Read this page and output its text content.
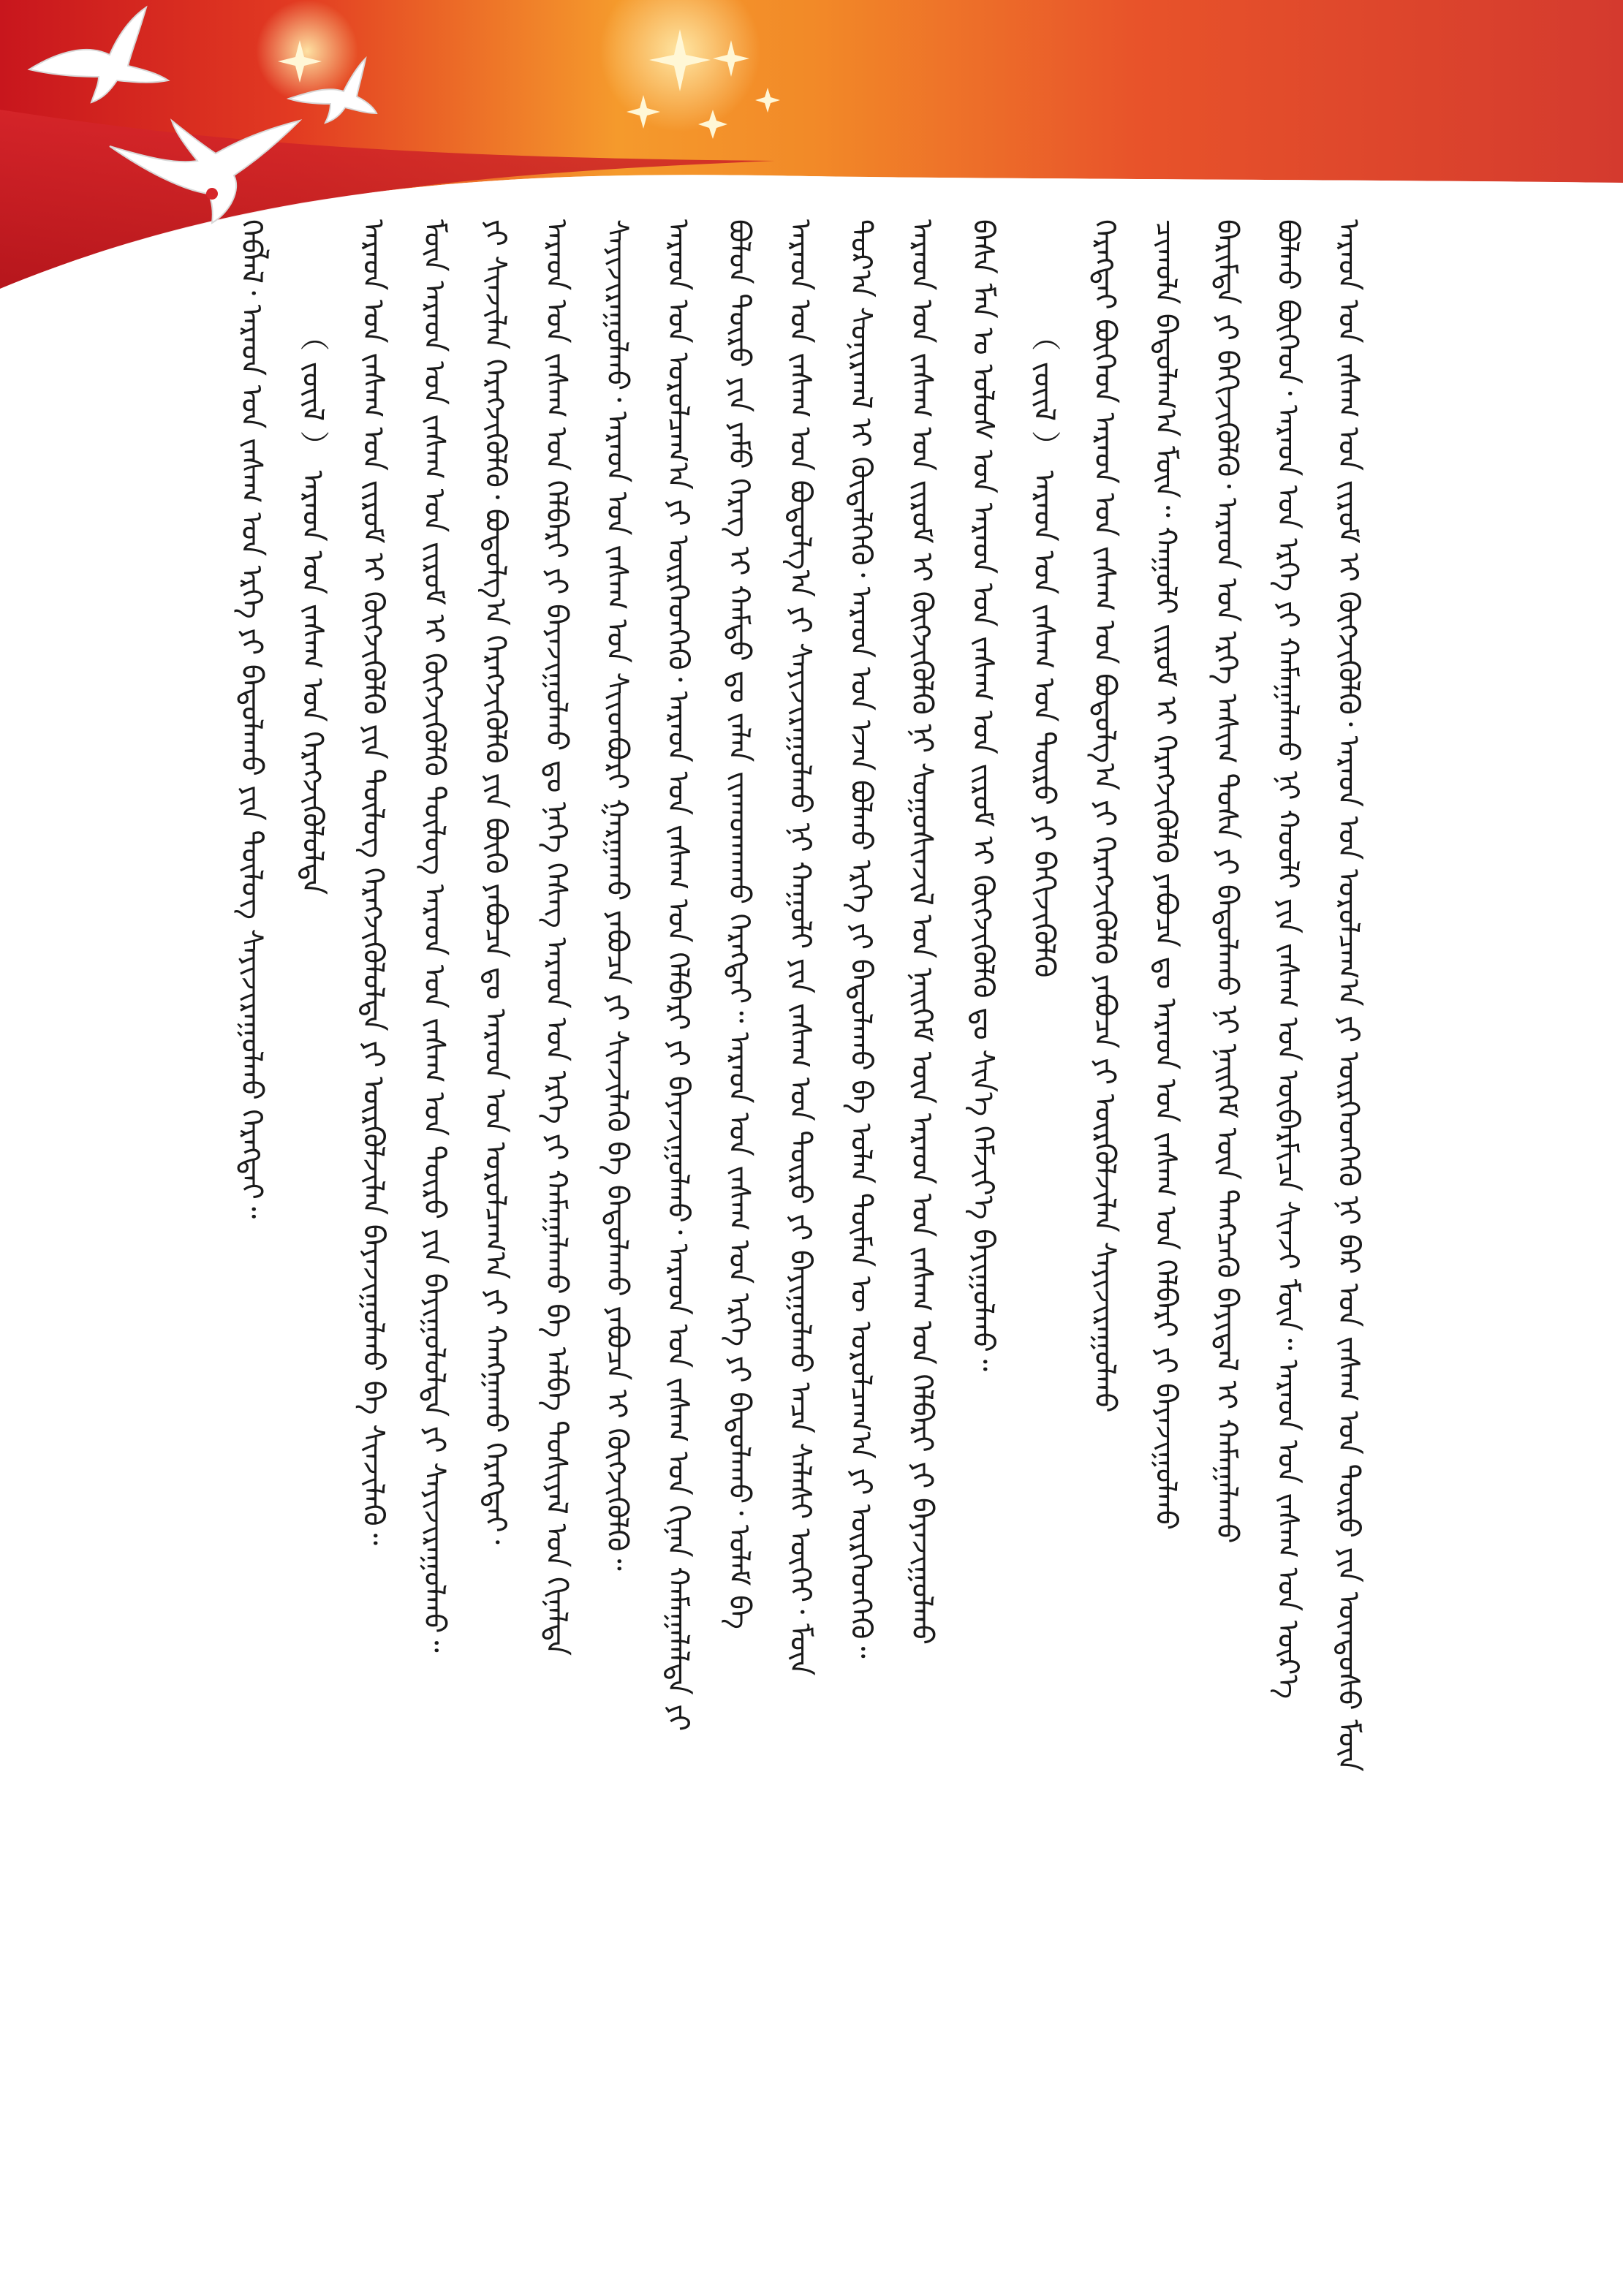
ᠠᠷᠠᠳ ᠤᠨ ᠵᠠᠰᠠᠭ ᠤᠨ ᠵᠢᠷᠤᠮ ᠢ ᠬᠥᠭᠵᠢᠭᠦᠯᠬᠦ᠂ ᠠᠷᠠᠳ ᠤᠨ ᠣᠷᠤᠯᠴᠠᠭ᠎ᠠ ᠶᠢ ᠥᠷᠭᠡᠳᠬᠡᠬᠦ ᠨᠢ ᠪᠠᠷ ᠤᠨ ᠵᠠᠰᠠᠭ ᠤᠨ ᠲᠥᠷᠦ ᠶᠢᠨ ᠦᠨᠳᠦᠰᠦ ᠮᠥᠨ
ᠪᠣᠯᠬᠤ ᠪᠥᠭᠡᠳ᠂ ᠠᠷᠠᠳ ᠤᠨ ᠡᠷᠬᠡ ᠶᠢ ᠬᠠᠮᠠᠭᠠᠯᠠᠬᠤ ᠨᠢ ᠬᠤᠤᠯᠢ ᠶᠢᠨ ᠵᠠᠰᠠᠭ ᠤᠨ ᠥᠪᠡᠷᠮᠢᠴᠡ ᠰᠢᠨᠵᠢ ᠮᠥᠨ᠃ ᠠᠷᠠᠳ ᠤᠨ ᠵᠠᠰᠠᠭ ᠤᠨ ᠦᠷ᠎ᠡ
ᠪᠠᠷᠢᠮᠲᠠ ᠶᠢ ᠪᠡᠬᠢᠵᠢᠭᠦᠯᠬᠦ᠂ ᠠᠷᠠᠳ ᠤᠨ ᠡᠷᠬᠡ ᠠᠰᠢᠭ ᠲᠤᠰᠠ ᠶᠢ ᠪᠠᠲᠤᠯᠠᠬᠤ ᠨᠢ ᠨᠡᠢᠭᠡᠮ ᠦᠨ ᠲᠡᠩᠴᠡᠭᠦ ᠪᠠᠶᠢᠳᠠᠯ ᠢ ᠬᠠᠮᠠᠭᠠᠯᠠᠬᠤ
ᠴᠢᠬᠤᠯᠠ ᠪᠠᠲᠤᠯᠠᠭ᠎ᠠ ᠮᠥᠨ᠃ ᠬᠠᠭᠤᠯᠢ ᠵᠢᠷᠤᠮ ᠢ ᠬᠡᠷᠡᠭᠵᠢᠭᠦᠯᠬᠦ ᠶᠠᠪᠤᠴᠠ ᠳᠤ ᠠᠷᠠᠳ ᠤᠨ ᠵᠠᠰᠠᠭ ᠤᠨ ᠬᠡᠯᠪᠡᠷᠢ ᠶᠢ ᠪᠠᠶᠠᠵᠢᠭᠤᠯᠬᠤ
ᠬᠡᠷᠡᠭᠲᠡᠢ ᠪᠥᠭᠡᠳ ᠠᠷᠠᠳ ᠤᠨ ᠵᠠᠰᠠᠭ ᠤᠨ ᠪᠣᠳᠤᠯᠭ᠎ᠠ ᠶᠢ ᠬᠡᠷᠡᠭᠵᠢᠭᠦᠯᠬᠦ ᠶᠠᠪᠤᠴᠠ ᠶᠢ ᠦᠷᠭᠦᠯᠵᠢᠯᠡᠨ ᠰᠠᠶᠢᠵᠢᠷᠠᠭᠤᠯᠬᠤ
（ ᠵᠦᠢᠯ ） ᠠᠷᠠᠳ ᠤᠨ ᠵᠠᠰᠠᠭ ᠤᠨ ᠲᠥᠷᠦ ᠶᠢ ᠪᠡᠬᠢᠵᠢᠭᠦᠯᠬᠦ
ᠪᠠᠰᠠ ᠮᠠᠨ ᠤ ᠤᠯᠤᠰ ᠤᠨ ᠠᠷᠠᠳ ᠤᠨ ᠵᠠᠰᠠᠭ ᠤᠨ ᠵᠢᠷᠤᠮ ᠢ ᠬᠥᠭᠵᠢᠭᠦᠯᠬᠦ ᠳᠤ ᠰᠢᠨ᠎ᠡ ᠬᠡᠮᠵᠢᠶ᠎ᠡ ᠪᠠᠶᠢᠭᠤᠯᠬᠤ᠃
ᠠᠷᠠᠳ ᠤᠨ ᠵᠠᠰᠠᠭ ᠤᠨ ᠵᠢᠷᠤᠮ ᠢ ᠬᠥᠭᠵᠢᠭᠦᠯᠬᠦ ᠨᠢ ᠰᠤᠭᠤᠰᠢᠨᠵᠢᠯ ᠤᠨ ᠨᠡᠢᠭᠡᠮ ᠦᠨ ᠠᠷᠠᠳ ᠤᠨ ᠵᠠᠰᠠᠭ ᠤᠨ ᠬᠡᠯᠪᠡᠷᠢ ᠶᠢ ᠪᠠᠶᠠᠵᠢᠭᠤᠯᠬᠤ
ᠳᠤᠷ᠎ᠠ ᠰᠣᠨᠢᠷᠬᠠᠯ ᠢ ᠬᠥᠳᠡᠯᠭᠡᠬᠦ᠂ ᠠᠷᠠᠳ ᠤᠨ ᠡᠵᠡᠨ ᠪᠣᠯᠬᠤ ᠡᠷᠬᠡ ᠶᠢ ᠪᠠᠲᠤᠯᠠᠬᠤ ᠪᠠ ᠣᠯᠠᠨ ᠲᠦᠮᠡᠨ ᠦ ᠣᠷᠤᠯᠴᠠᠭ᠎ᠠ ᠶᠢ ᠦᠷᠭᠡᠳᠬᠡᠬᠦ᠃
ᠠᠷᠠᠳ ᠤᠨ ᠵᠠᠰᠠᠭ ᠤᠨ ᠪᠣᠳᠤᠯᠭ᠎ᠠ ᠶᠢ ᠰᠠᠶᠢᠵᠢᠷᠠᠭᠤᠯᠬᠤ ᠨᠢ ᠬᠠᠭᠤᠯᠢ ᠶᠢᠨ ᠵᠠᠰᠠᠭ ᠤᠨ ᠲᠥᠷᠦ ᠶᠢ ᠪᠠᠶᠢᠭᠤᠯᠬᠤ ᠠᠴᠠ ᠰᠠᠯᠠᠰᠢ ᠦᠭᠡᠢ᠂ ᠮᠥᠨ
ᠪᠣᠯᠤᠨ ᠲᠥᠷᠦ ᠶᠢᠨ ᠶᠠᠮᠤ ᠬᠡᠷᠡᠭ ᠢ ᠬᠠᠮᠲᠤ ᠳᠤ ᠵᠠᠯᠠᠨ ᠵᠢᠬᠠᠳᠬᠠᠬᠤ ᠬᠡᠷᠡᠭᠲᠡᠢ᠃ ᠠᠷᠠᠳ ᠤᠨ ᠵᠠᠰᠠᠭ ᠤᠨ ᠡᠷᠬᠡ ᠶᠢ ᠪᠠᠲᠤᠯᠠᠬᠤ᠂ ᠤᠯᠠᠮ ᠪᠠ
ᠠᠷᠠᠳ ᠤᠨ ᠣᠷᠤᠯᠴᠠᠭ᠎ᠠ ᠶᠢ ᠥᠷᠭᠡᠳᠬᠡᠬᠦ᠂ ᠠᠷᠠᠳ ᠤᠨ ᠵᠠᠰᠠᠭ ᠤᠨ ᠬᠡᠯᠪᠡᠷᠢ ᠶᠢ ᠪᠠᠶᠠᠵᠢᠭᠤᠯᠬᠤ᠂ ᠠᠷᠠᠳ ᠤᠨ ᠵᠠᠰᠠᠭ ᠤᠨ ᠬᠢᠨᠠᠨ ᠬᠠᠮᠠᠭᠠᠯᠠᠯᠲᠠ ᠶᠢ
ᠰᠠᠶᠢᠵᠢᠷᠠᠭᠤᠯᠬᠤ᠂ ᠠᠷᠠᠳ ᠤᠨ ᠵᠠᠰᠠᠭ ᠤᠨ ᠰᠢᠢᠳᠪᠦᠷᠢ ᠭᠠᠷᠭᠠᠬᠤ ᠶᠠᠪᠤᠴᠠ ᠶᠢ ᠰᠢᠨᠵᠢᠯᠡᠬᠦ ᠪᠠ ᠪᠠᠲᠤᠯᠠᠬᠤ ᠶᠠᠪᠤᠴᠠ ᠢ ᠬᠥᠭᠵᠢᠭᠦᠯᠬᠦ᠃
ᠠᠷᠠᠳ ᠤᠨ ᠵᠠᠰᠠᠭ ᠤᠨ ᠬᠡᠯᠪᠡᠷᠢ ᠶᠢ ᠪᠠᠶᠠᠵᠢᠭᠤᠯᠬᠤ ᠳᠤ ᠨᠡᠭᠡ ᠬᠡᠰᠡᠭ ᠠᠷᠠᠳ ᠤᠨ ᠡᠷᠬᠡ ᠶᠢ ᠬᠠᠮᠠᠭᠠᠯᠠᠬᠤ ᠪᠠ ᠠᠯᠪᠠ ᠲᠤᠰᠢᠶᠠᠯ ᠤᠨ ᠬᠢᠨᠠᠯᠲᠠ
ᠶᠢ ᠰᠢᠨᠵᠢᠯᠡᠨ ᠬᠡᠷᠡᠭᠵᠢᠭᠦᠯᠬᠦ᠂ ᠪᠣᠳᠤᠯᠭ᠎ᠠ ᠬᠡᠷᠡᠭᠵᠢᠭᠦᠯᠬᠦ ᠶᠢᠨ ᠪᠥᠬᠥ ᠶᠠᠪᠤᠴᠠ ᠳᠤ ᠠᠷᠠᠳ ᠤᠨ ᠣᠷᠤᠯᠴᠠᠭ᠎ᠠ ᠶᠢ ᠬᠠᠩᠭᠠᠬᠤ ᠬᠡᠷᠡᠭᠲᠡᠢ᠂
ᠮᠥᠨ ᠠᠷᠠᠳ ᠤᠨ ᠵᠠᠰᠠᠭ ᠤᠨ ᠵᠢᠷᠤᠮ ᠢ ᠬᠥᠭᠵᠢᠭᠦᠯᠬᠦ ᠲᠥᠯᠦᠭ ᠠᠷᠠᠳ ᠤᠨ ᠵᠠᠰᠠᠭ ᠤᠨ ᠲᠥᠷᠦ ᠶᠢᠨ ᠪᠠᠶᠢᠭᠤᠯᠤᠯᠲᠠ ᠶᠢ ᠰᠠᠶᠢᠵᠢᠷᠠᠭᠤᠯᠬᠤ᠃
ᠠᠷᠠᠳ ᠤᠨ ᠵᠠᠰᠠᠭ ᠤᠨ ᠵᠢᠷᠤᠮ ᠢ ᠬᠥᠭᠵᠢᠭᠦᠯᠬᠦ ᠶᠢᠨ ᠲᠥᠯᠦᠭ ᠬᠡᠷᠡᠭᠵᠢᠭᠦᠯᠦᠯᠲᠡ ᠶᠢ ᠦᠷᠭᠦᠯᠵᠢᠯᠡᠨ ᠪᠠᠶᠠᠵᠢᠭᠤᠯᠬᠤ ᠪᠠ ᠰᠢᠨᠵᠢᠯᠡᠬᠦ᠃
（ ᠵᠦᠢᠯ ） ᠠᠷᠠᠳ ᠤᠨ ᠵᠠᠰᠠᠭ ᠤᠨ ᠬᠡᠷᠡᠭᠵᠢᠭᠦᠯᠦᠯᠲᠡ
ᠬᠡᠪᠯᠡᠯ᠂ ᠠᠷᠠᠳ ᠤᠨ ᠵᠠᠰᠠᠭ ᠤᠨ ᠡᠷᠬᠡ ᠶᠢ ᠪᠠᠲᠤᠯᠠᠬᠤ ᠶᠢᠨ ᠲᠥᠯᠦᠭ ᠰᠠᠶᠢᠵᠢᠷᠠᠭᠤᠯᠬᠤ ᠬᠡᠷᠡᠭᠲᠡᠢ᠃
